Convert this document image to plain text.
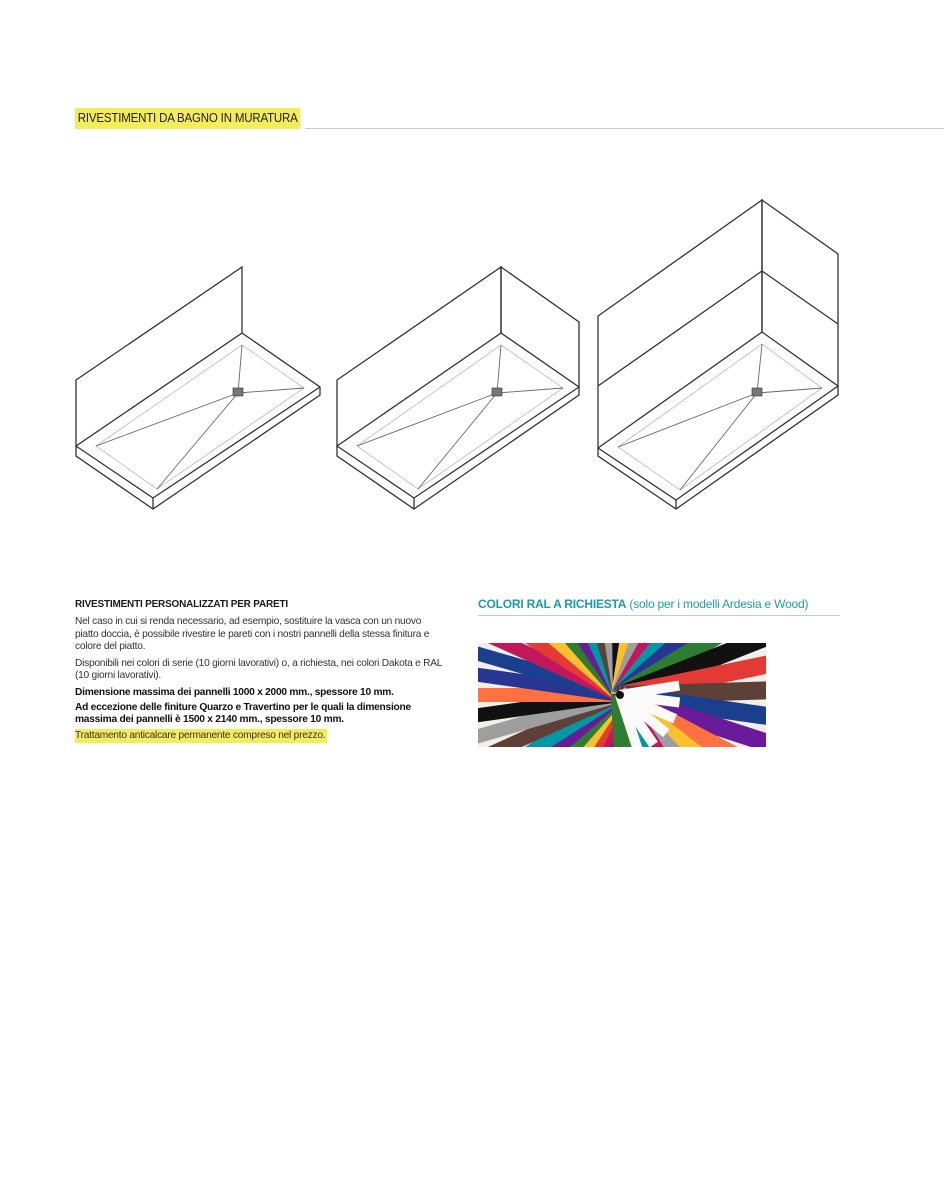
RIVESTIMENTI DA BAGNO IN MURATURA
RIVESTIMENTI PERSONALIZZATI PER PARETI

Nel caso in cui si renda necessario, ad esempio, sostituire la vasca con un nuovo piatto doccia, è possibile rivestire le pareti con i nostri pannelli della stessa finitura e colore del piatto.

Disponibili nei colori di serie (10 giorni lavorativi) o, a richiesta, nei colori Dakota e RAL (10 giorni lavorativi).

Dimensione massima dei pannelli 1000 x 2000 mm., spessore 10 mm.

Ad eccezione delle finiture Quarzo e Travertino per le quali la dimensione massima dei pannelli è 1500 x 2140 mm., spessore 10 mm.

Trattamento anticalcare permanente compreso nel prezzo.

COLORI RAL A RICHIESTA (solo per i modelli Ardesia e Wood)
